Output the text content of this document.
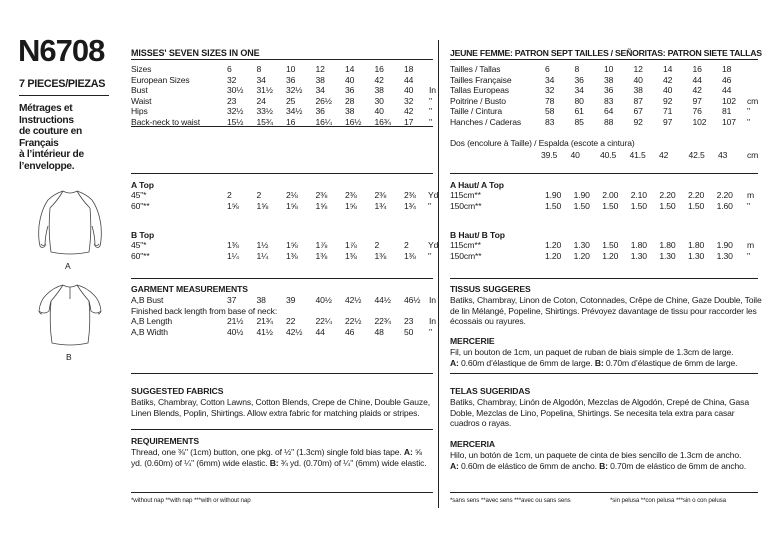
N6708
7 PIECES/PIEZAS
Métrages et
Instructions
de couture en
Français
à l’intérieur de
l’enveloppe.
A
B
MISSES' SEVEN SIZES IN ONE
A Top
B Top
GARMENT MEASUREMENTS
SUGGESTED FABRICS
Batiks, Chambray, Cotton Lawns, Cotton Blends, Crepe de Chine, Double Gauze,
Linen Blends, Poplin, Shirtings. Allow extra fabric for matching plaids or stripes.
REQUIREMENTS
Thread, one ⅜" (1cm) button, one pkg. of ½" (1.3cm) single fold bias tape. A: ⅝
yd. (0.60m) of ¼" (6mm) wide elastic. B: ¾ yd. (0.70m) of ¼" (6mm) wide elastic.
*without nap **with nap ***with or without nap
JEUNE FEMME: PATRON SEPT TAILLES / SEÑORITAS: PATRON SIETE TALLAS
Dos (encolure à Taille) / Espalda (escote a cintura)
A Haut/ A Top
B Haut/ B Top
TISSUS SUGGERES
Batiks, Chambray, Linon de Coton, Cotonnades, Crêpe de Chine, Gaze Double, Toile
de lin Mélangé, Popeline, Shirtings. Prévoyez davantage de tissu pour raccorder les
écossais ou rayures.
MERCERIE
Fil, un bouton de 1cm, un paquet de ruban de biais simple de 1.3cm de large.
A: 0.60m d’élastique de 6mm de large. B: 0.70m d’élastique de 6mm de large.
TELAS SUGERIDAS
Batiks, Chambray, Linón de Algodón, Mezclas de Algodón, Crepé de China, Gasa
Doble, Mezclas de Lino, Popelina, Shirtings. Se necesita tela extra para casar
cuadros o rayas.
MERCERIA
Hilo, un botón de 1cm, un paquete de cinta de bies sencillo de 1.3cm de ancho.
A: 0.60m de elástico de 6mm de ancho. B: 0.70m de elástico de 6mm de ancho.
*sans sens **avec sens ***avec ou sans sens	*sin pelusa **con pelusa ***sin o con pelusa
Sizes	6	8	10 12 14 16 18
European Sizes	32 34 36 38 40 42 44
Bust	30½ 31½ 32½ 34 36 38 40 In
Waist	23 24 25 26½ 28 30 32 "
Hips	32½ 33½ 34½ 36 38 40 42 "
Back-neck to waist	15½ 15¾ 16 16¼ 16½ 16¾ 17 "
45"*	2	2	2⅛ 2⅜ 2⅜ 2⅜ 2⅜ Yd
60"**	1⅝ 1⅝ 1⅝ 1⅝ 1⅝ 1¾ 1¾ "
45"*	1⅜ 1½ 1⅝ 1⅞ 1⅞ 2	2 Yd
60"**	1¼ 1¼ 1⅜ 1⅜ 1⅜ 1⅜ 1⅜ "
A,B Bust	37 38 39 40½ 42½ 44½ 46½ In
Finished back length from base of neck:
A,B Length	21½ 21¾ 22 22¼ 22½ 22¾ 23 In
A,B Width	40½ 41½ 42½ 44 46 48 50 "
Tailles / Tallas	6	8	10 12 14 16 18
Tailles Française	34 36 38 40 42 44 46
Tallas Europeas	32 34 36 38 40 42 44
Poitrine / Busto	78 80 83 87 92 97 102 cm
Taille / Cintura	58 61 64 67 71 76 81 "
Hanches / Caderas	83 85 88 92 97 102 107 "
39.5 40 40.5 41.5 42 42.5 43 cm
115cm**	1.90 1.90 2.00 2.10 2.20 2.20 2.20 m
150cm**	1.50 1.50 1.50 1.50 1.50 1.50 1.60 "
115cm**	1.20 1.30 1.50 1.80 1.80 1.80 1.90 m
150cm**	1.20 1.20 1.20 1.30 1.30 1.30 1.30 "
